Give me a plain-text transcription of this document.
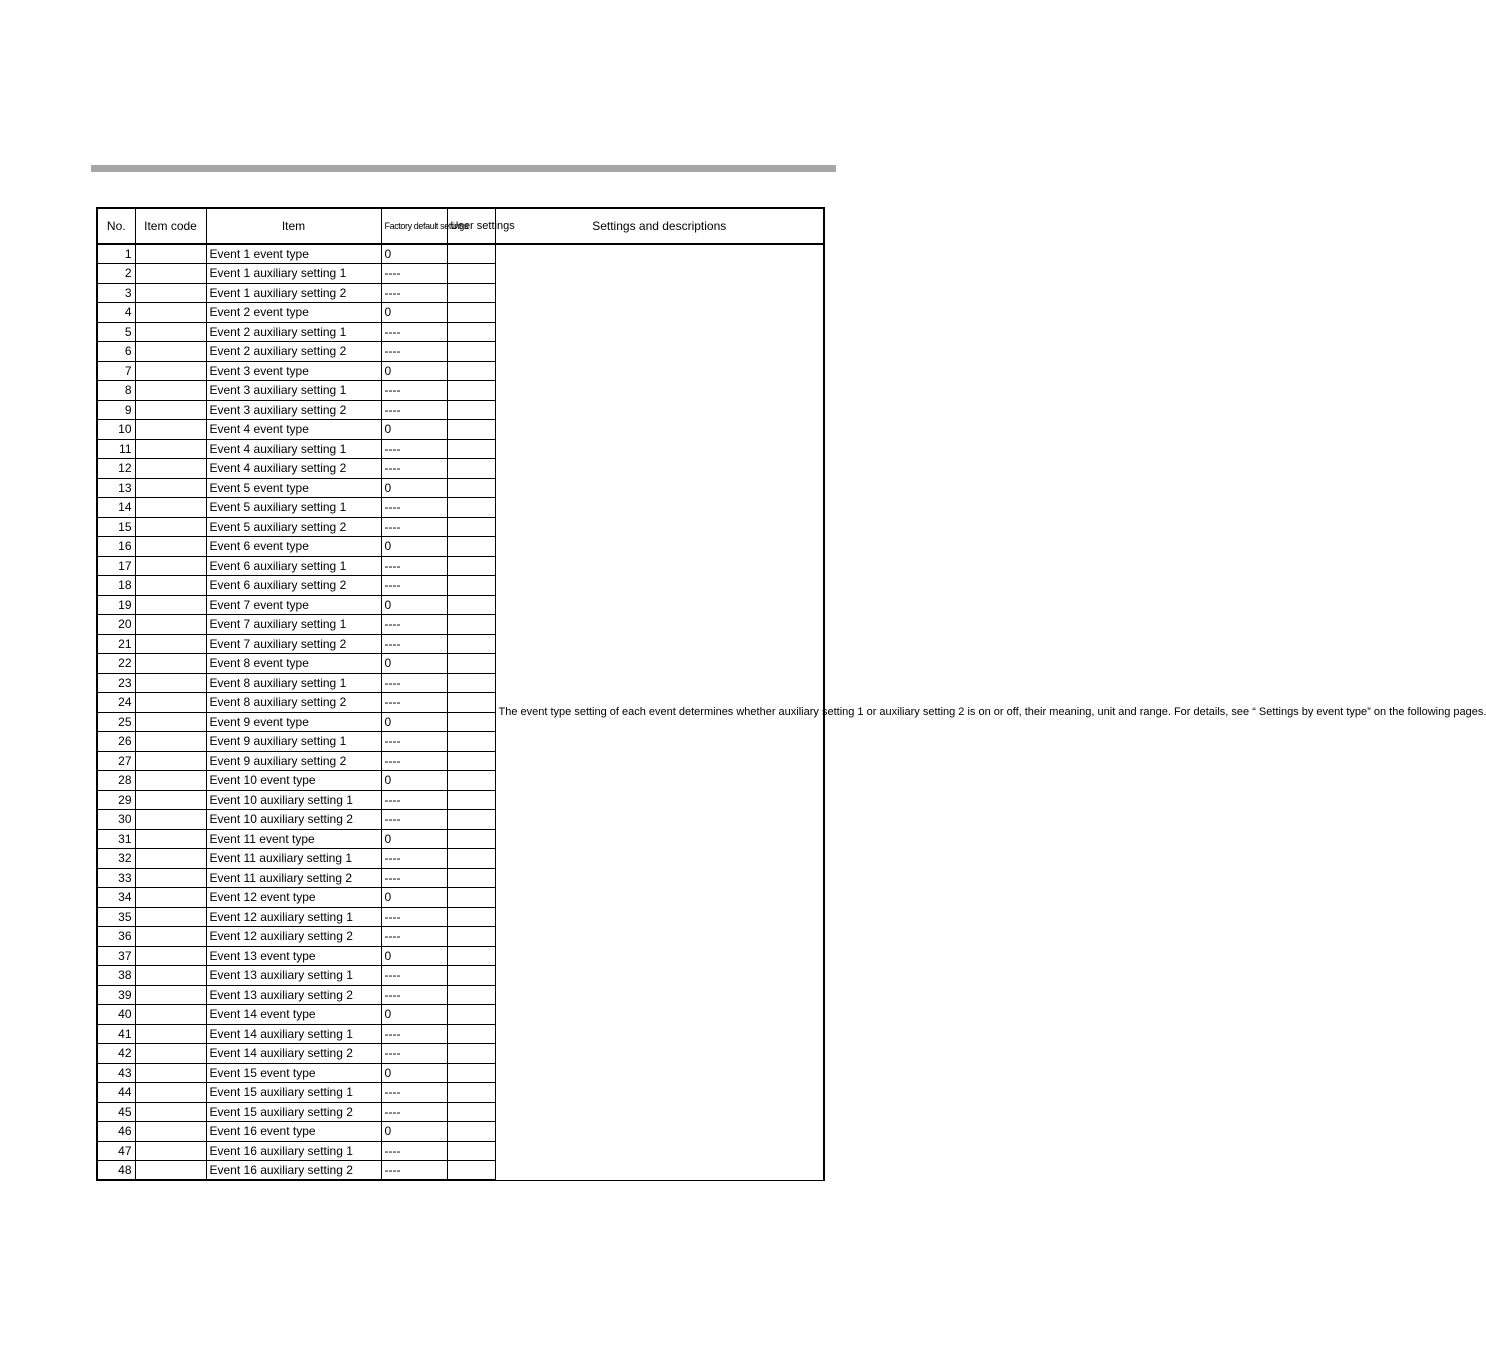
No.	Item code	Item	Factory default settings	User settings	Settings and descriptions
1		Event 1 event type	0		The event type setting of each event determines whether auxiliary setting 1 or auxiliary setting 2 is on or off, their meaning, unit and range. For details, see “ Settings by event type” on the following pages.
2		Event 1 auxiliary setting 1	----		
3		Event 1 auxiliary setting 2	----		
4		Event 2 event type	0		
5		Event 2 auxiliary setting 1	----		
6		Event 2 auxiliary setting 2	----		
7		Event 3 event type	0		
8		Event 3 auxiliary setting 1	----		
9		Event 3 auxiliary setting 2	----		
10		Event 4 event type	0		
11		Event 4 auxiliary setting 1	----		
12		Event 4 auxiliary setting 2	----		
13		Event 5 event type	0		
14		Event 5 auxiliary setting 1	----		
15		Event 5 auxiliary setting 2	----		
16		Event 6 event type	0		
17		Event 6 auxiliary setting 1	----		
18		Event 6 auxiliary setting 2	----		
19		Event 7 event type	0		
20		Event 7 auxiliary setting 1	----		
21		Event 7 auxiliary setting 2	----		
22		Event 8 event type	0		
23		Event 8 auxiliary setting 1	----		
24		Event 8 auxiliary setting 2	----		
25		Event 9 event type	0		
26		Event 9 auxiliary setting 1	----		
27		Event 9 auxiliary setting 2	----		
28		Event 10 event type	0		
29		Event 10 auxiliary setting 1	----		
30		Event 10 auxiliary setting 2	----		
31		Event 11 event type	0		
32		Event 11 auxiliary setting 1	----		
33		Event 11 auxiliary setting 2	----		
34		Event 12 event type	0		
35		Event 12 auxiliary setting 1	----		
36		Event 12 auxiliary setting 2	----		
37		Event 13 event type	0		
38		Event 13 auxiliary setting 1	----		
39		Event 13 auxiliary setting 2	----		
40		Event 14 event type	0		
41		Event 14 auxiliary setting 1	----		
42		Event 14 auxiliary setting 2	----		
43		Event 15 event type	0		
44		Event 15 auxiliary setting 1	----		
45		Event 15 auxiliary setting 2	----		
46		Event 16 event type	0		
47		Event 16 auxiliary setting 1	----		
48		Event 16 auxiliary setting 2	----		
